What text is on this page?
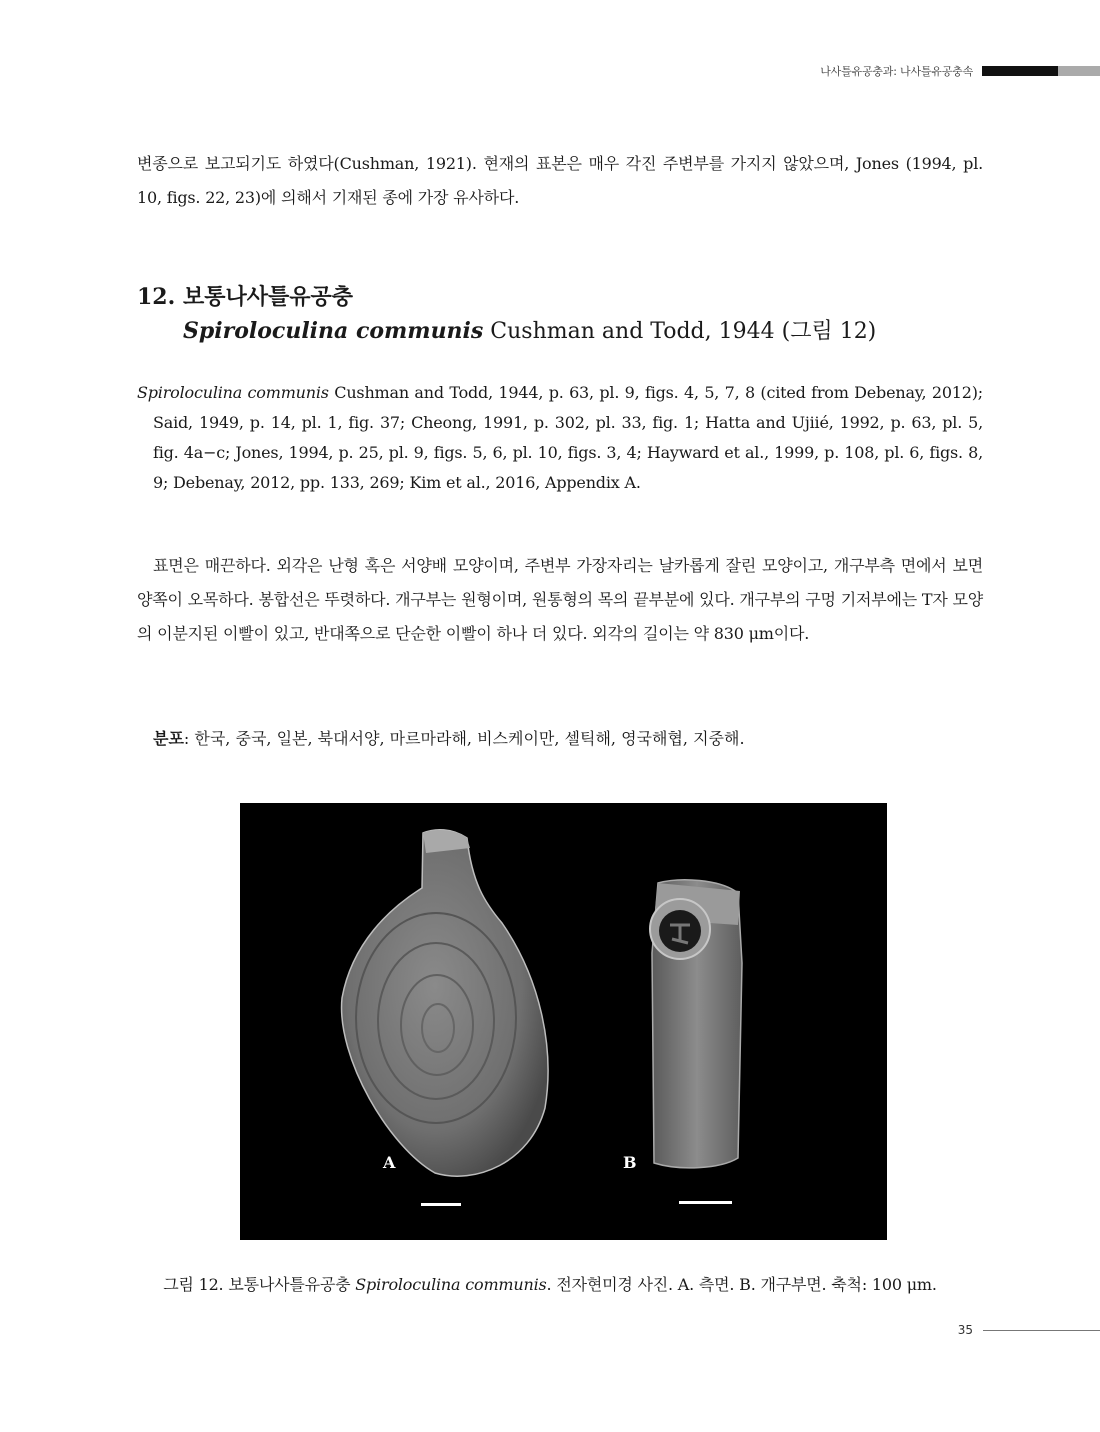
나사틀유공충과: 나사틀유공충속

변종으로 보고되기도 하였다(Cushman, 1921). 현재의 표본은 매우 각진 주변부를 가지지 않았으며, Jones (1994, pl. 10, figs. 22, 23)에 의해서 기재된 종에 가장 유사하다.

12. 보통나사틀유공충
Spiroloculina communis Cushman and Todd, 1944 (그림 12)

Spiroloculina communis Cushman and Todd, 1944, p. 63, pl. 9, figs. 4, 5, 7, 8 (cited from Debenay, 2012); Said, 1949, p. 14, pl. 1, fig. 37; Cheong, 1991, p. 302, pl. 33, fig. 1; Hatta and Ujiié, 1992, p. 63, pl. 5, fig. 4a−c; Jones, 1994, p. 25, pl. 9, figs. 5, 6, pl. 10, figs. 3, 4; Hayward et al., 1999, p. 108, pl. 6, figs. 8, 9; Debenay, 2012, pp. 133, 269; Kim et al., 2016, Appendix A.

표면은 매끈하다. 외각은 난형 혹은 서양배 모양이며, 주변부 가장자리는 날카롭게 잘린 모양이고, 개구부측 면에서 보면 양쪽이 오목하다. 봉합선은 뚜렷하다. 개구부는 원형이며, 원통형의 목의 끝부분에 있다. 개구부의 구멍 기저부에는 T자 모양의 이분지된 이빨이 있고, 반대쪽으로 단순한 이빨이 하나 더 있다. 외각의 길이는 약 830 μm이다.

분포: 한국, 중국, 일본, 북대서양, 마르마라해, 비스케이만, 셀틱해, 영국해협, 지중해.

A	B

그림 12. 보통나사틀유공충 Spiroloculina communis. 전자현미경 사진. A. 측면. B. 개구부면. 축척: 100 μm.

35
